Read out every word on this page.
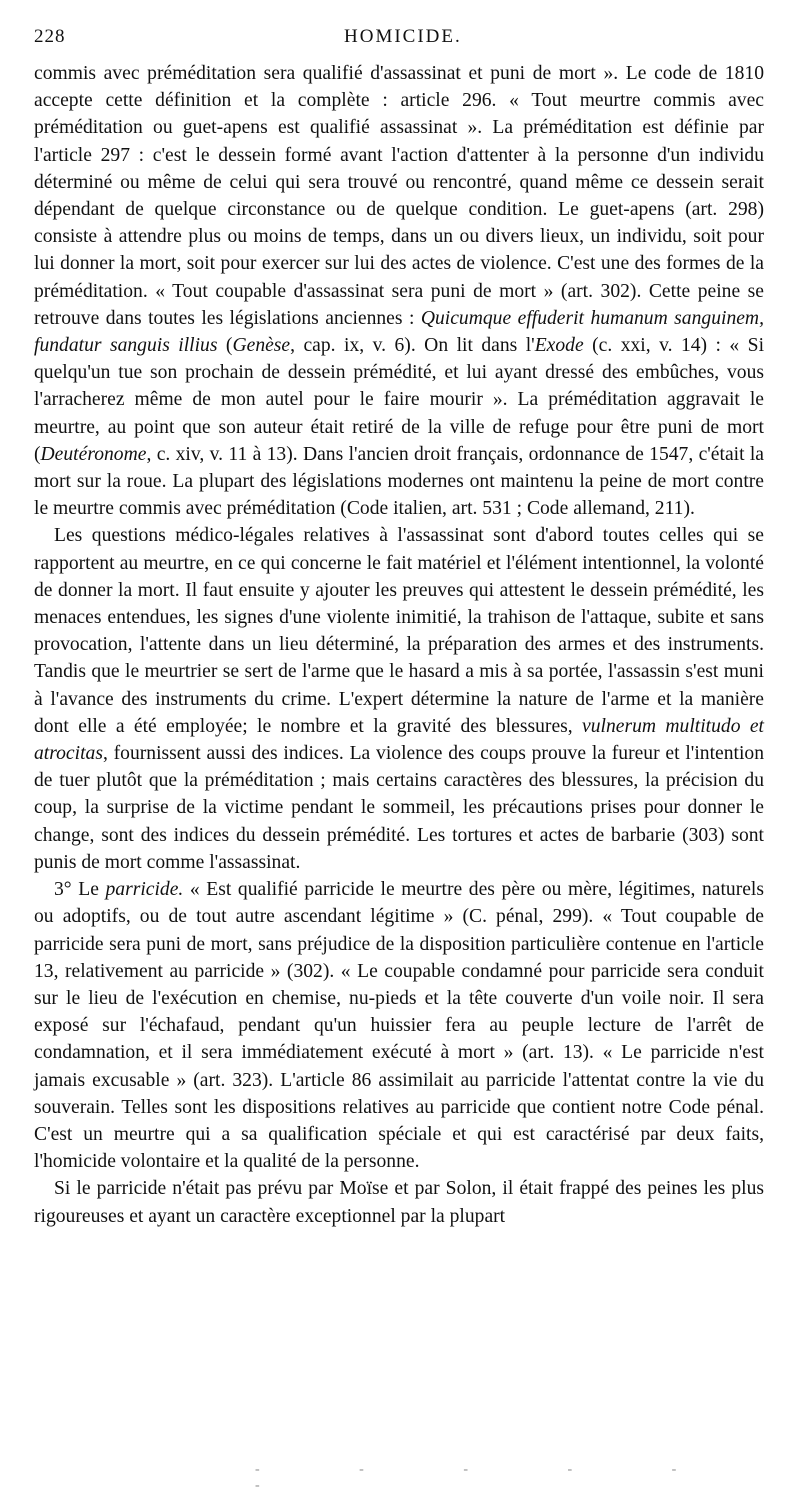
228	HOMICIDE.

commis avec préméditation sera qualifié d'assassinat et puni de mort ». Le code de 1810 accepte cette définition et la complète : article 296. « Tout meurtre commis avec préméditation ou guet-apens est qualifié assassinat ». La préméditation est définie par l'article 297 : c'est le dessein formé avant l'action d'attenter à la personne d'un individu déterminé ou même de celui qui sera trouvé ou rencontré, quand même ce dessein serait dépendant de quelque circonstance ou de quelque condition. Le guet-apens (art. 298) consiste à attendre plus ou moins de temps, dans un ou divers lieux, un individu, soit pour lui donner la mort, soit pour exercer sur lui des actes de violence. C'est une des formes de la préméditation. « Tout coupable d'assassinat sera puni de mort » (art. 302). Cette peine se retrouve dans toutes les législations anciennes : Quicumque effuderit humanum sanguinem, fundatur sanguis illius (Genèse, cap. ix, v. 6). On lit dans l'Exode (c. xxi, v. 14) : « Si quelqu'un tue son prochain de dessein prémédité, et lui ayant dressé des embûches, vous l'arracherez même de mon autel pour le faire mourir ». La préméditation aggravait le meurtre, au point que son auteur était retiré de la ville de refuge pour être puni de mort (Deutéronome, c. xiv, v. 11 à 13). Dans l'ancien droit français, ordonnance de 1547, c'était la mort sur la roue. La plupart des législations modernes ont maintenu la peine de mort contre le meurtre commis avec préméditation (Code italien, art. 531 ; Code allemand, 211).

Les questions médico-légales relatives à l'assassinat sont d'abord toutes celles qui se rapportent au meurtre, en ce qui concerne le fait matériel et l'élément intentionnel, la volonté de donner la mort. Il faut ensuite y ajouter les preuves qui attestent le dessein prémédité, les menaces entendues, les signes d'une violente inimitié, la trahison de l'attaque, subite et sans provocation, l'attente dans un lieu déterminé, la préparation des armes et des instruments. Tandis que le meurtrier se sert de l'arme que le hasard a mis à sa portée, l'assassin s'est muni à l'avance des instruments du crime. L'expert détermine la nature de l'arme et la manière dont elle a été employée; le nombre et la gravité des blessures, vulnerum multitudo et atrocitas, fournissent aussi des indices. La violence des coups prouve la fureur et l'intention de tuer plutôt que la préméditation ; mais certains caractères des blessures, la précision du coup, la surprise de la victime pendant le sommeil, les précautions prises pour donner le change, sont des indices du dessein prémédité. Les tortures et actes de barbarie (303) sont punis de mort comme l'assassinat.

3° Le parricide. « Est qualifié parricide le meurtre des père ou mère, légitimes, naturels ou adoptifs, ou de tout autre ascendant légitime » (C. pénal, 299). « Tout coupable de parricide sera puni de mort, sans préjudice de la disposition particulière contenue en l'article 13, relativement au parricide » (302). « Le coupable condamné pour parricide sera conduit sur le lieu de l'exécution en chemise, nu-pieds et la tête couverte d'un voile noir. Il sera exposé sur l'échafaud, pendant qu'un huissier fera au peuple lecture de l'arrêt de condamnation, et il sera immédiatement exécuté à mort » (art. 13). « Le parricide n'est jamais excusable » (art. 323). L'article 86 assimilait au parricide l'attentat contre la vie du souverain. Telles sont les dispositions relatives au parricide que contient notre Code pénal. C'est un meurtre qui a sa qualification spéciale et qui est caractérisé par deux faits, l'homicide volontaire et la qualité de la personne.

Si le parricide n'était pas prévu par Moïse et par Solon, il était frappé des peines les plus rigoureuses et ayant un caractère exceptionnel par la plupart

- - - - - -
